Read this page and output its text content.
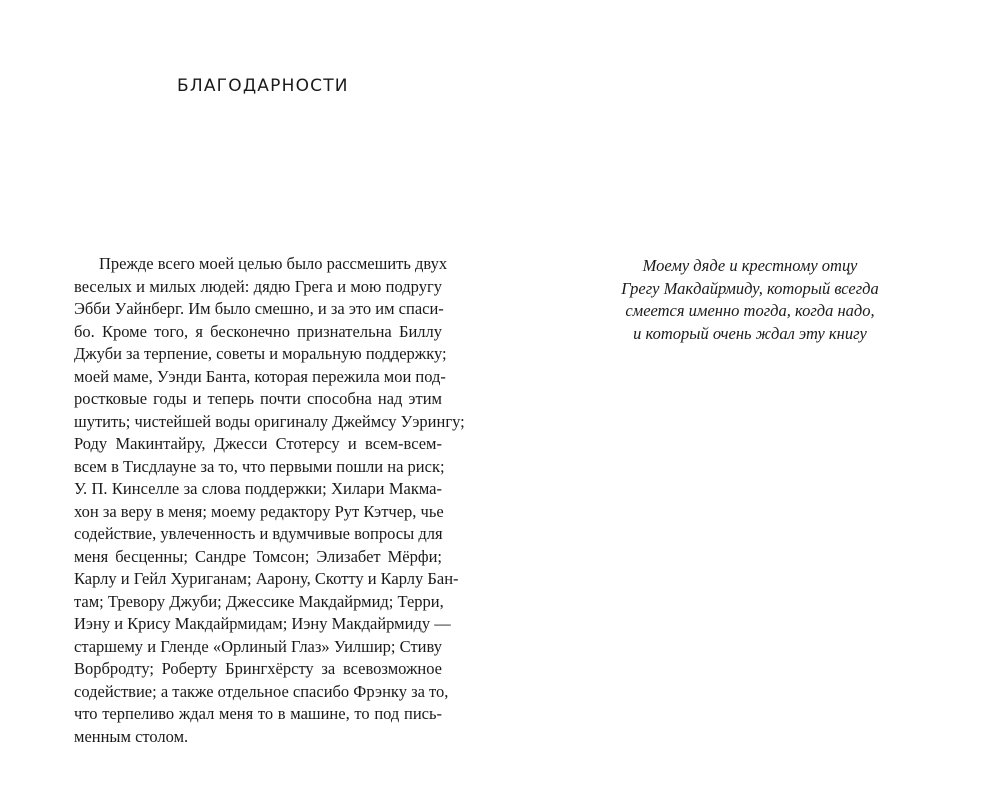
БЛАГОДАРНОСТИ
Прежде всего моей целью было рассмешить двух
веселых и милых людей: дядю Грега и мою подругу
Эбби Уайнберг. Им было смешно, и за это им спаси-
бо. Кроме того, я бесконечно признательна Биллу
Джуби за терпение, советы и моральную поддержку;
моей маме, Уэнди Банта, которая пережила мои под-
ростковые годы и теперь почти способна над этим
шутить; чистейшей воды оригиналу Джеймсу Уэрингу;
Роду Макинтайру, Джесси Стотерсу и всем-всем-
всем в Тисдлауне за то, что первыми пошли на риск;
У. П. Кинселле за слова поддержки; Хилари Макма-
хон за веру в меня; моему редактору Рут Кэтчер, чье
содействие, увлеченность и вдумчивые вопросы для
меня бесценны; Сандре Томсон; Элизабет Мёрфи;
Карлу и Гейл Хуриганам; Аарону, Скотту и Карлу Бан-
там; Тревору Джуби; Джессике Макдайрмид; Терри,
Иэну и Крису Макдайрмидам; Иэну Макдайрмиду —
старшему и Гленде «Орлиный Глаз» Уилшир; Стиву
Ворбродту; Роберту Брингхёрсту за всевозможное
содействие; а также отдельное спасибо Фрэнку за то,
что терпеливо ждал меня то в машине, то под пись-
менным столом.
Моему дяде и крестному отцу
Грегу Макдайрмиду, который всегда
смеется именно тогда, когда надо,
и который очень ждал эту книгу
